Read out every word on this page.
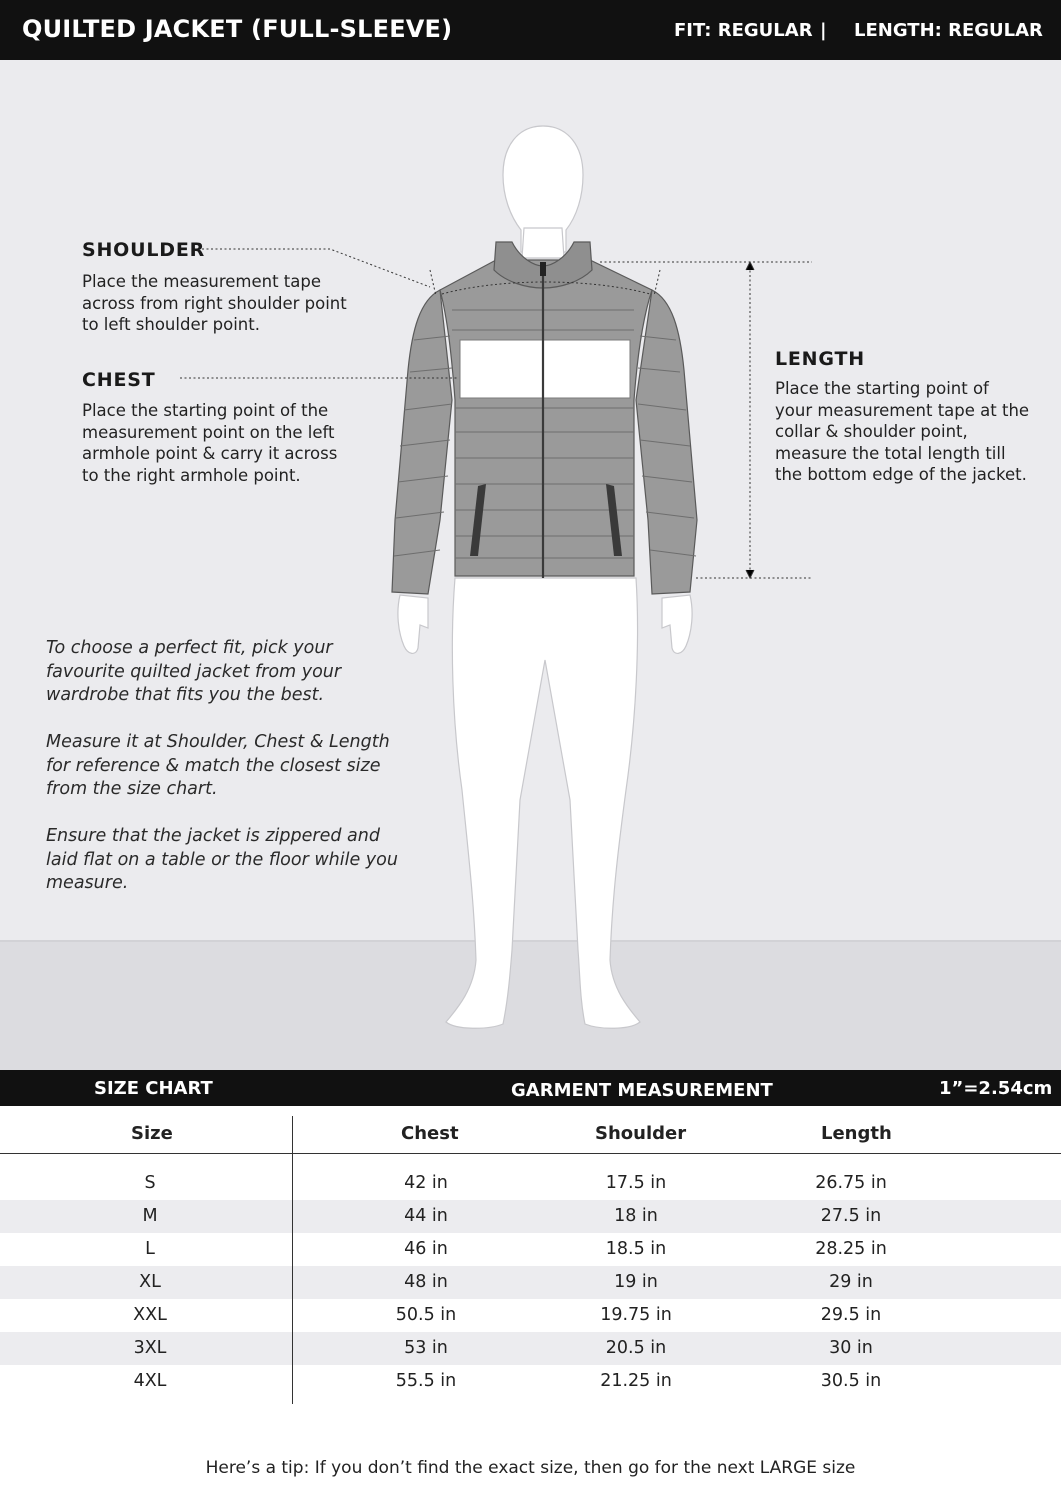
QUILTED JACKET (FULL-SLEEVE)	FIT: REGULAR | LENGTH: REGULAR
SHOULDER
Place the measurement tape
across from right shoulder point
to left shoulder point.
CHEST
Place the starting point of the
measurement point on the left
armhole point & carry it across
to the right armhole point.
LENGTH
Place the starting point of
your measurement tape at the
collar & shoulder point,
measure the total length till
the bottom edge of the jacket.

To choose a perfect fit, pick your
favourite quilted jacket from your
wardrobe that fits you the best.

Measure it at Shoulder, Chest & Length
for reference & match the closest size
from the size chart.

Ensure that the jacket is zippered and
laid flat on a table or the floor while you
measure.

SIZE CHART	GARMENT MEASUREMENT	1”=2.54cm
Size	Chest	Shoulder	Length
S	42 in	17.5 in	26.75 in
M	44 in	18 in	27.5 in
L	46 in	18.5 in	28.25 in
XL	48 in	19 in	29 in
XXL	50.5 in	19.75 in	29.5 in
3XL	53 in	20.5 in	30 in
4XL	55.5 in	21.25 in	30.5 in
Here’s a tip: If you don’t find the exact size, then go for the next LARGE size
